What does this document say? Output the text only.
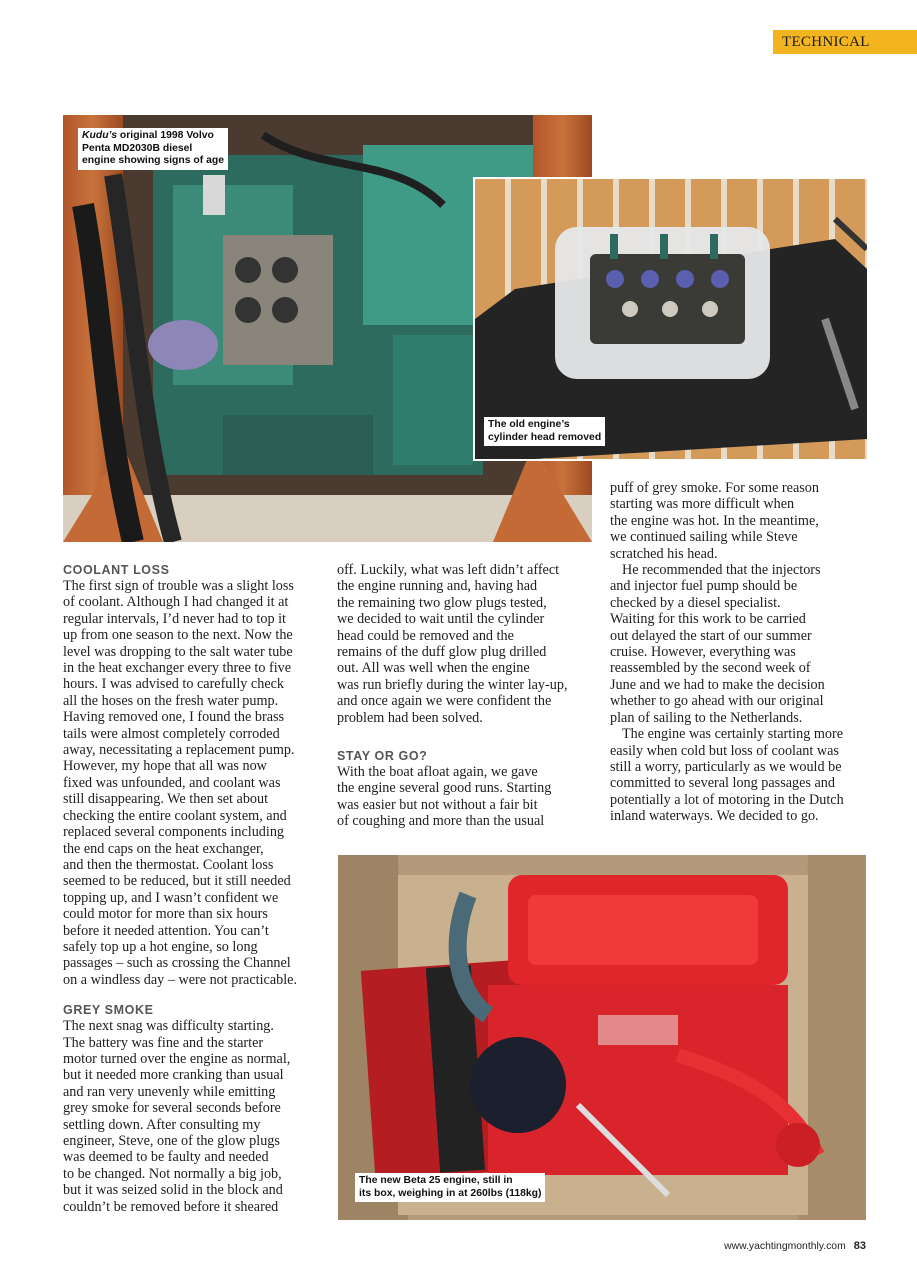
TECHNICAL
Kudu’s original 1998 Volvo
Penta MD2030B diesel
engine showing signs of age
The old engine’s
cylinder head removed
COOLANT LOSS

The first sign of trouble was a slight loss
of coolant. Although I had changed it at
regular intervals, I’d never had to top it
up from one season to the next. Now the
level was dropping to the salt water tube
in the heat exchanger every three to five
hours. I was advised to carefully check
all the hoses on the fresh water pump.
Having removed one, I found the brass
tails were almost completely corroded
away, necessitating a replacement pump.
However, my hope that all was now
fixed was unfounded, and coolant was
still disappearing. We then set about
checking the entire coolant system, and
replaced several components including
the end caps on the heat exchanger,
and then the thermostat. Coolant loss
seemed to be reduced, but it still needed
topping up, and I wasn’t confident we
could motor for more than six hours
before it needed attention. You can’t
safely top up a hot engine, so long
passages – such as crossing the Channel
on a windless day – were not practicable.

GREY SMOKE

The next snag was difficulty starting.
The battery was fine and the starter
motor turned over the engine as normal,
but it needed more cranking than usual
and ran very unevenly while emitting
grey smoke for several seconds before
settling down. After consulting my
engineer, Steve, one of the glow plugs
was deemed to be faulty and needed
to be changed. Not normally a big job,
but it was seized solid in the block and
couldn’t be removed before it sheared

off. Luckily, what was left didn’t affect
the engine running and, having had
the remaining two glow plugs tested,
we decided to wait until the cylinder
head could be removed and the
remains of the duff glow plug drilled
out. All was well when the engine
was run briefly during the winter lay-up,
and once again we were confident the
problem had been solved.

STAY OR GO?

With the boat afloat again, we gave
the engine several good runs. Starting
was easier but not without a fair bit
of coughing and more than the usual

puff of grey smoke. For some reason
starting was more difficult when
the engine was hot. In the meantime,
we continued sailing while Steve
scratched his head.

He recommended that the injectors
and injector fuel pump should be
checked by a diesel specialist.
Waiting for this work to be carried
out delayed the start of our summer
cruise. However, everything was
reassembled by the second week of
June and we had to make the decision
whether to go ahead with our original
plan of sailing to the Netherlands.

The engine was certainly starting more
easily when cold but loss of coolant was
still a worry, particularly as we would be
committed to several long passages and
potentially a lot of motoring in the Dutch
inland waterways. We decided to go.

The new Beta 25 engine, still in
its box, weighing in at 260lbs (118kg)
www.yachtingmonthly.com 83
